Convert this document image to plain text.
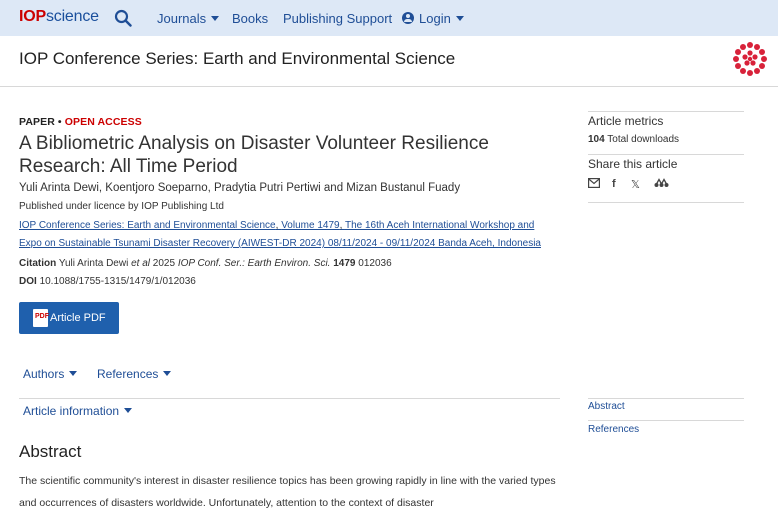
IOPscience	Journals	Books Publishing Support	Login
IOP Conference Series: Earth and Environmental Science
PAPER • OPEN ACCESS
A Bibliometric Analysis on Disaster Volunteer Resilience Research: All Time Period
Yuli Arinta Dewi, Koentjoro Soeparno, Pradytia Putri Pertiwi and Mizan Bustanul Fuady
Published under licence by IOP Publishing Ltd
IOP Conference Series: Earth and Environmental Science, Volume 1479, The 16th Aceh International Workshop and
Expo on Sustainable Tsunami Disaster Recovery (AIWEST-DR 2024) 08/11/2024 - 09/11/2024 Banda Aceh, Indonesia
Citation Yuli Arinta Dewi et al 2025 IOP Conf. Ser.: Earth Environ. Sci. 1479 012036
DOI 10.1088/1755-1315/1479/1/012036
PDF Article PDF
Authors	References
Article information
Abstract
The scientific community's interest in disaster resilience topics has been growing rapidly in line with the varied types and occurrences of disasters worldwide. Unfortunately, attention to the context of disaster
Article metrics
104 Total downloads
Share this article
f 𝕏
Abstract
References
